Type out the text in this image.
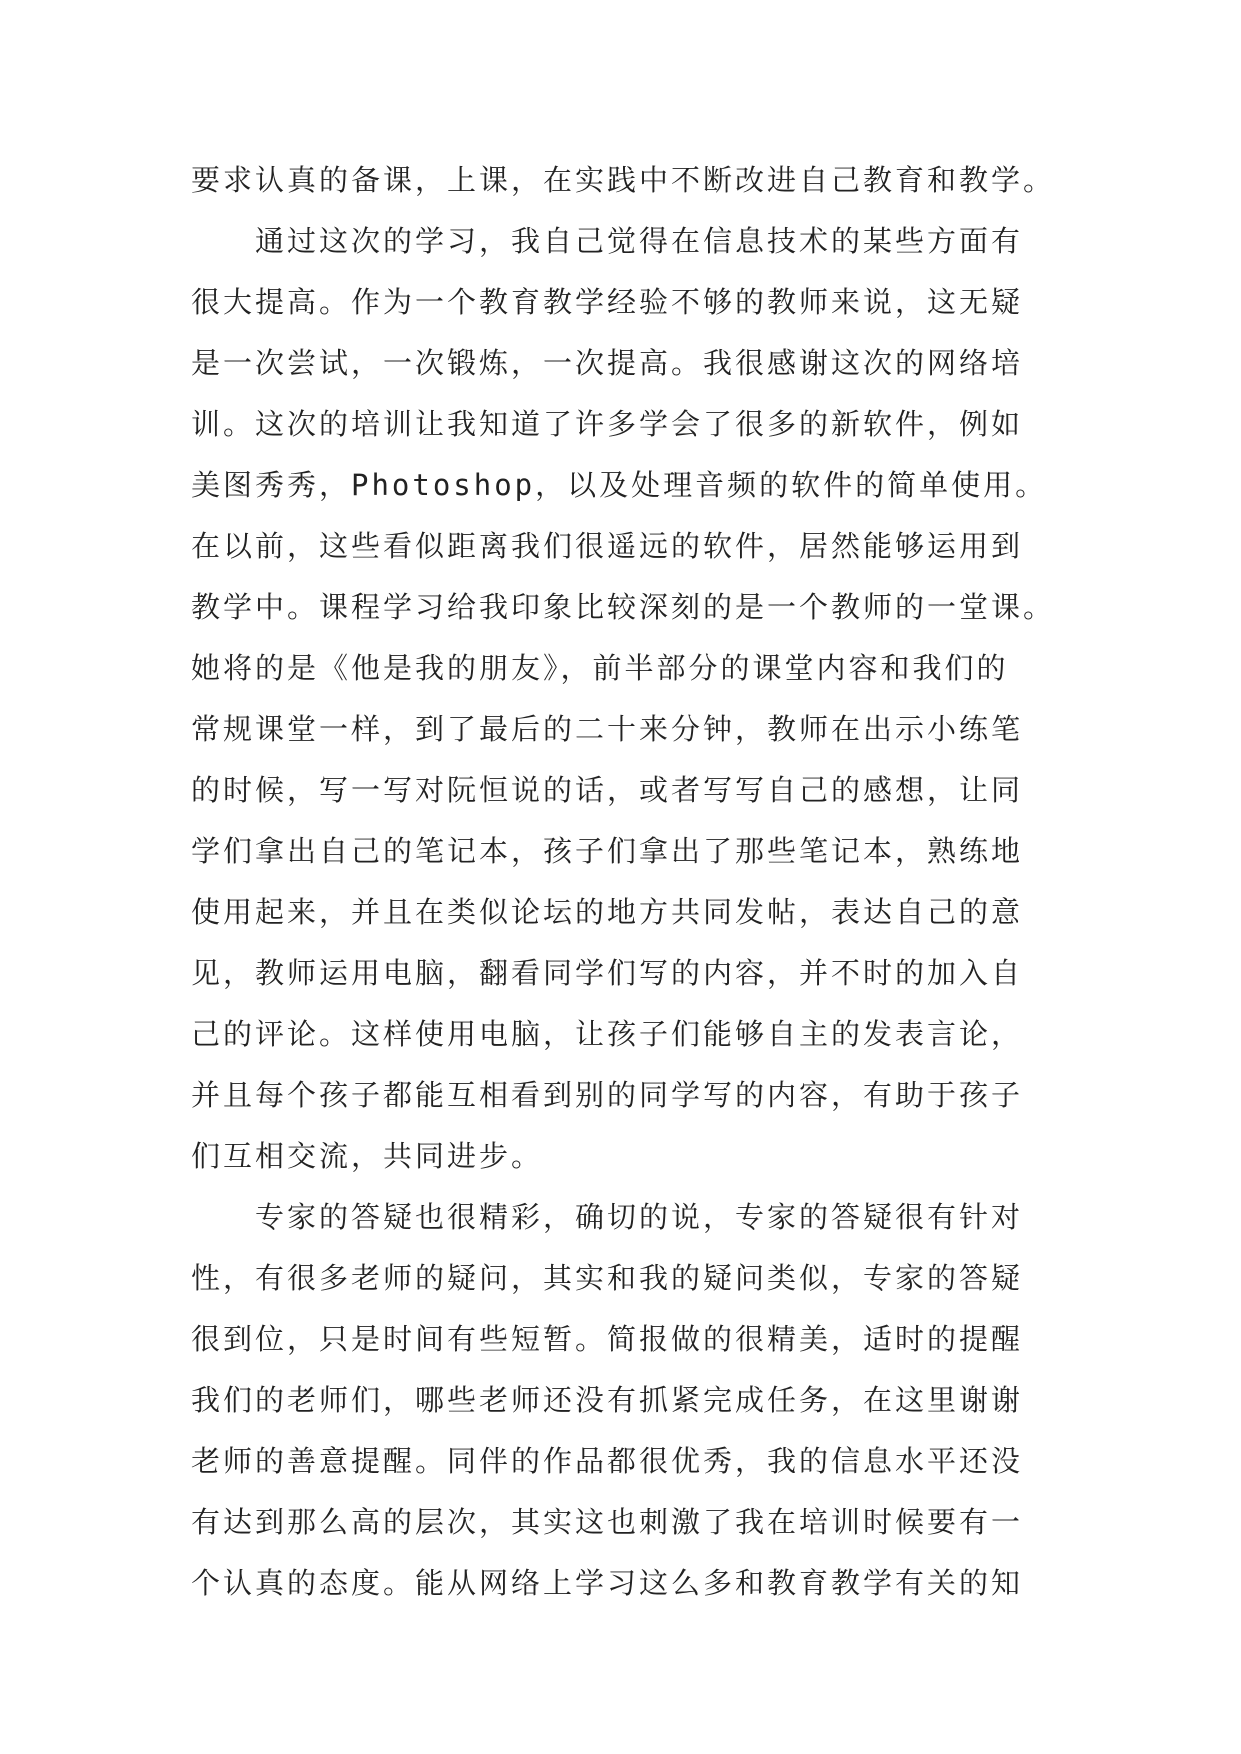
要求认真的备课，上课，在实践中不断改进自己教育和教学。
　　通过这次的学习，我自己觉得在信息技术的某些方面有
很大提高。作为一个教育教学经验不够的教师来说，这无疑
是一次尝试，一次锻炼，一次提高。我很感谢这次的网络培
训。这次的培训让我知道了许多学会了很多的新软件，例如
美图秀秀，Photoshop，以及处理音频的软件的简单使用。
在以前，这些看似距离我们很遥远的软件，居然能够运用到
教学中。课程学习给我印象比较深刻的是一个教师的一堂课。
她将的是《他是我的朋友》，前半部分的课堂内容和我们的
常规课堂一样，到了最后的二十来分钟，教师在出示小练笔
的时候，写一写对阮恒说的话，或者写写自己的感想，让同
学们拿出自己的笔记本，孩子们拿出了那些笔记本，熟练地
使用起来，并且在类似论坛的地方共同发帖，表达自己的意
见，教师运用电脑，翻看同学们写的内容，并不时的加入自
己的评论。这样使用电脑，让孩子们能够自主的发表言论，
并且每个孩子都能互相看到别的同学写的内容，有助于孩子
们互相交流，共同进步。
　　专家的答疑也很精彩，确切的说，专家的答疑很有针对
性，有很多老师的疑问，其实和我的疑问类似，专家的答疑
很到位，只是时间有些短暂。简报做的很精美，适时的提醒
我们的老师们，哪些老师还没有抓紧完成任务，在这里谢谢
老师的善意提醒。同伴的作品都很优秀，我的信息水平还没
有达到那么高的层次，其实这也刺激了我在培训时候要有一
个认真的态度。能从网络上学习这么多和教育教学有关的知
